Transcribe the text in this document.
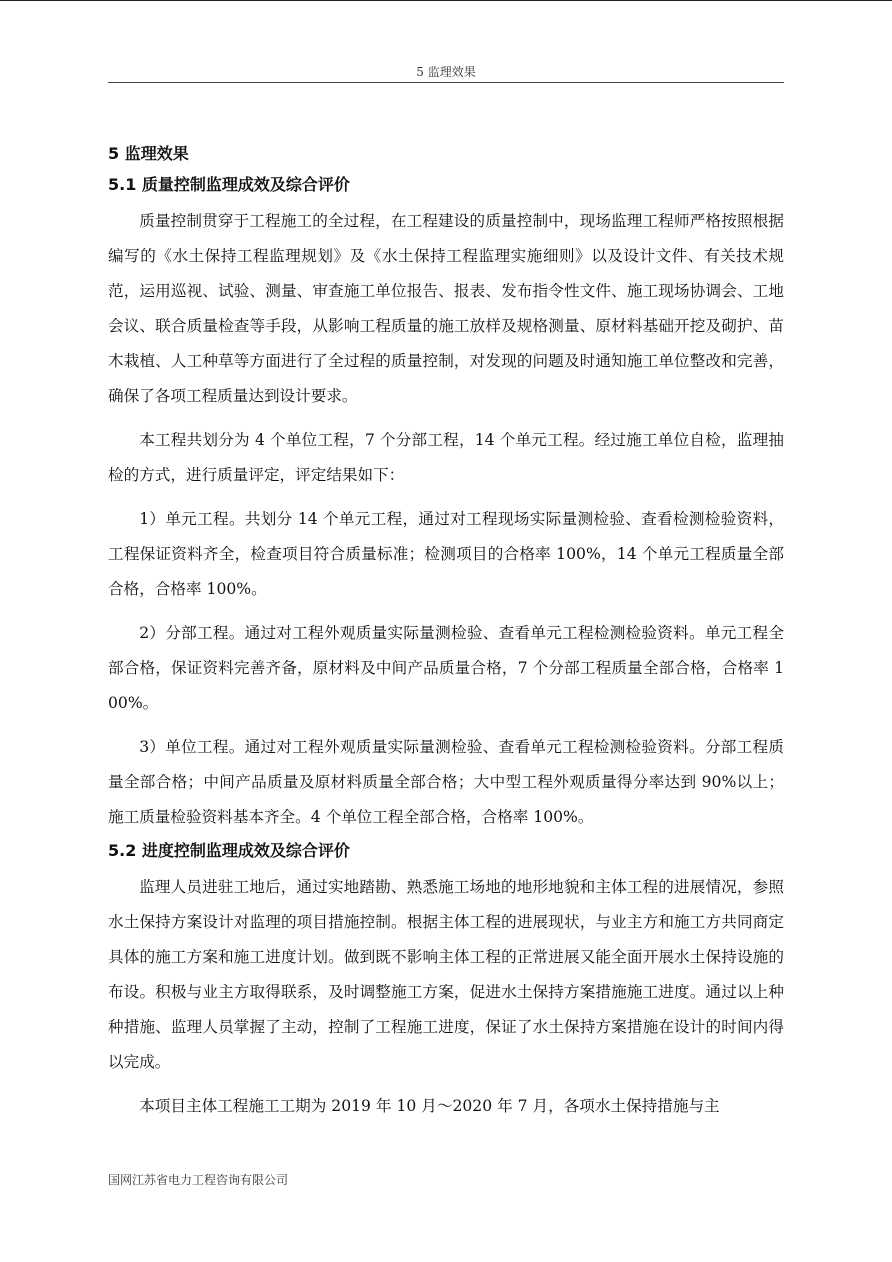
5 监理效果
5 监理效果
5.1 质量控制监理成效及综合评价

质量控制贯穿于工程施工的全过程，在工程建设的质量控制中，现场监理工程师严格按照根据编写的《水土保持工程监理规划》及《水土保持工程监理实施细则》以及设计文件、有关技术规范，运用巡视、试验、测量、审查施工单位报告、报表、发布指令性文件、施工现场协调会、工地会议、联合质量检查等手段，从影响工程质量的施工放样及规格测量、原材料基础开挖及砌护、苗木栽植、人工种草等方面进行了全过程的质量控制，对发现的问题及时通知施工单位整改和完善，确保了各项工程质量达到设计要求。

本工程共划分为 4 个单位工程，7 个分部工程，14 个单元工程。经过施工单位自检，监理抽检的方式，进行质量评定，评定结果如下：

1）单元工程。共划分 14 个单元工程，通过对工程现场实际量测检验、查看检测检验资料，工程保证资料齐全，检查项目符合质量标准；检测项目的合格率 100%，14 个单元工程质量全部合格，合格率 100%。

2）分部工程。通过对工程外观质量实际量测检验、查看单元工程检测检验资料。单元工程全部合格，保证资料完善齐备，原材料及中间产品质量合格，7 个分部工程质量全部合格，合格率 100%。

3）单位工程。通过对工程外观质量实际量测检验、查看单元工程检测检验资料。分部工程质量全部合格；中间产品质量及原材料质量全部合格；大中型工程外观质量得分率达到 90%以上；施工质量检验资料基本齐全。4 个单位工程全部合格，合格率 100%。

5.2 进度控制监理成效及综合评价

监理人员进驻工地后，通过实地踏勘、熟悉施工场地的地形地貌和主体工程的进展情况，参照水土保持方案设计对监理的项目措施控制。根据主体工程的进展现状，与业主方和施工方共同商定具体的施工方案和施工进度计划。做到既不影响主体工程的正常进展又能全面开展水土保持设施的布设。积极与业主方取得联系，及时调整施工方案，促进水土保持方案措施施工进度。通过以上种种措施、监理人员掌握了主动，控制了工程施工进度，保证了水土保持方案措施在设计的时间内得以完成。

本项目主体工程施工工期为 2019 年 10 月～2020 年 7 月，各项水土保持措施与主

国网江苏省电力工程咨询有限公司
